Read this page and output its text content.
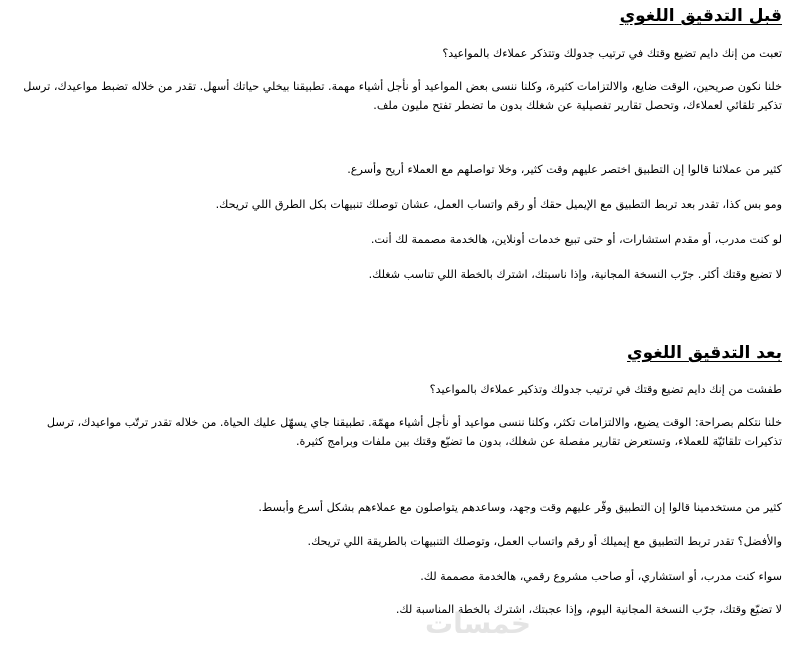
قبل التدقيق اللغوي

تعبت من إنك دايم تضيع وقتك في ترتيب جدولك وتتذكر عملاءك بالمواعيد؟

خلنا نكون صريحين، الوقت ضايع، والالتزامات كثيرة، وكلنا ننسى بعض المواعيد أو نأجل أشياء مهمة. تطبيقنا بيخلي حياتك أسهل. تقدر من خلاله تضبط مواعيدك، ترسل تذكير تلقائي لعملاءك، وتحصل تقارير تفصيلية عن شغلك بدون ما تضطر تفتح مليون ملف.

كثير من عملائنا قالوا إن التطبيق اختصر عليهم وقت كثير، وخلا تواصلهم مع العملاء أريح وأسرع.

ومو بس كذا، تقدر بعد تربط التطبيق مع الإيميل حقك أو رقم واتساب العمل، عشان توصلك تنبيهات بكل الطرق اللي تريحك.

لو كنت مدرب، أو مقدم استشارات، أو حتى تبيع خدمات أونلاين، هالخدمة مصممة لك أنت.

لا تضيع وقتك أكثر. جرّب النسخة المجانية، وإذا ناسبتك، اشترك بالخطة اللي تناسب شغلك.

بعد التدقيق اللغوي

طفشت من إنك دايم تضيع وقتك في ترتيب جدولك وتذكير عملاءك بالمواعيد؟

خلنا نتكلم بصراحة: الوقت يضيع، والالتزامات تكثر، وكلنا ننسى مواعيد أو نأجل أشياء مهمّة. تطبيقنا جاي يسهّل عليك الحياة. من خلاله تقدر ترتّب مواعيدك، ترسل تذكيرات تلقائيّة للعملاء، وتستعرض تقارير مفصلة عن شغلك، بدون ما تضيّع وقتك بين ملفات وبرامج كثيرة.

كثير من مستخدمينا قالوا إن التطبيق وفّر عليهم وقت وجهد، وساعدهم يتواصلون مع عملاءهم بشكل أسرع وأبسط.

والأفضل؟ تقدر تربط التطبيق مع إيميلك أو رقم واتساب العمل، وتوصلك التنبيهات بالطريقة اللي تريحك.

سواء كنت مدرب، أو استشاري، أو صاحب مشروع رقمي، هالخدمة مصممة لك.

لا تضيّع وقتك، جرّب النسخة المجانية اليوم، وإذا عجبتك، اشترك بالخطة المناسبة لك.

خمسات
